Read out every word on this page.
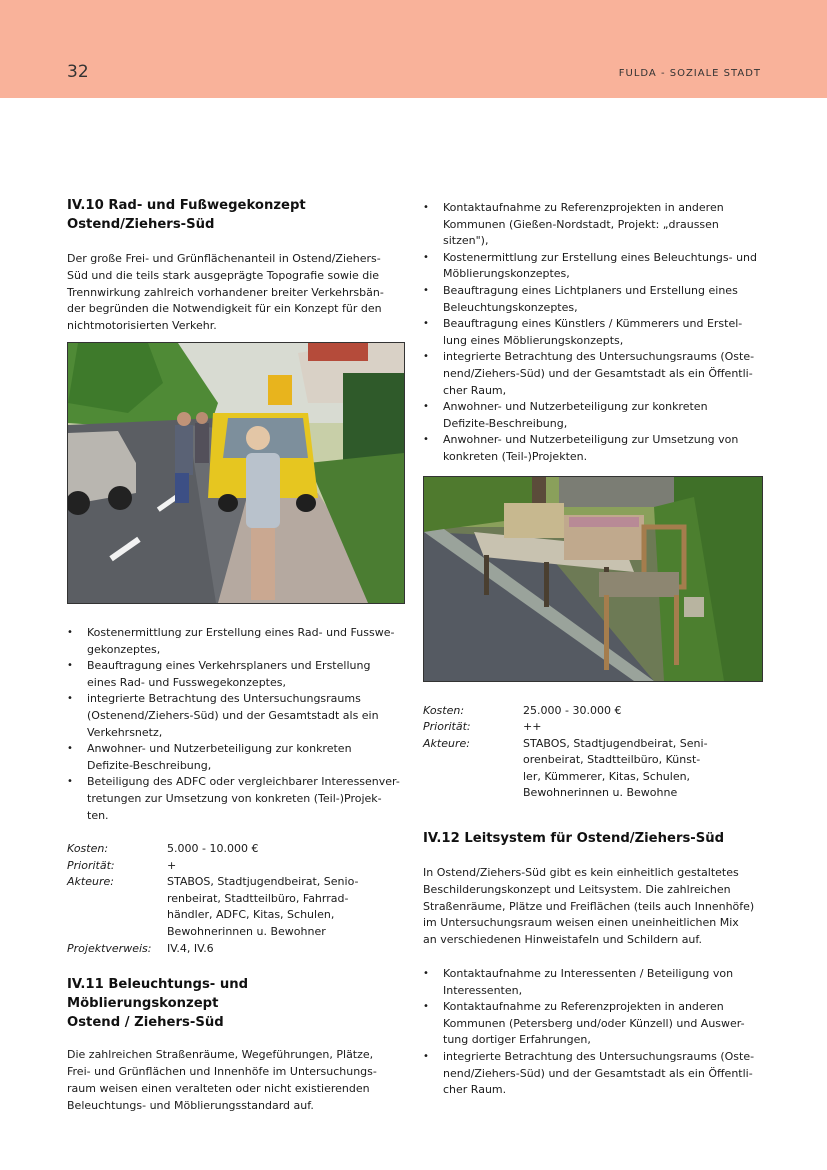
32	FULDA - SOZIALE STADT
IV.10 Rad- und Fußwegekonzept
Ostend/Ziehers-Süd

Der große Frei- und Grünflächenanteil in Ostend/Ziehers-
Süd und die teils stark ausgeprägte Topografie sowie die
Trennwirkung zahlreich vorhandener breiter Verkehrsbän-
der begründen die Notwendigkeit für ein Konzept für den
nichtmotorisierten Verkehr.

• Kostenermittlung zur Erstellung eines Rad- und Fusswe-
gekonzeptes,
• Beauftragung eines Verkehrsplaners und Erstellung
eines Rad- und Fusswegekonzeptes,
• integrierte Betrachtung des Untersuchungsraums
(Ostenend/Ziehers-Süd) und der Gesamtstadt als ein
Verkehrsnetz,
• Anwohner- und Nutzerbeteiligung zur konkreten
Defizite-Beschreibung,
• Beteiligung des ADFC oder vergleichbarer Interessenver-
tretungen zur Umsetzung von konkreten (Teil-)Projek-
ten.
Kosten:	5.000 - 10.000 €
Priorität:	+
Akteure:	STABOS, Stadtjugendbeirat, Senio-
renbeirat, Stadtteilbüro, Fahrrad-
händler, ADFC, Kitas, Schulen,
Bewohnerinnen u. Bewohner
Projektverweis:	IV.4, IV.6
IV.11 Beleuchtungs- und Möblierungskonzept
Ostend / Ziehers-Süd

Die zahlreichen Straßenräume, Wegeführungen, Plätze,
Frei- und Grünflächen und Innenhöfe im Untersuchungs-
raum weisen einen veralteten oder nicht existierenden
Beleuchtungs- und Möblierungsstandard auf.

• Kontaktaufnahme zu Referenzprojekten in anderen
Kommunen (Gießen-Nordstadt, Projekt: „draussen
sitzen"),
• Kostenermittlung zur Erstellung eines Beleuchtungs- und
Möblierungskonzeptes,
• Beauftragung eines Lichtplaners und Erstellung eines
Beleuchtungskonzeptes,
• Beauftragung eines Künstlers / Kümmerers und Erstel-
lung eines Möblierungskonzepts,
• integrierte Betrachtung des Untersuchungsraums (Oste-
nend/Ziehers-Süd) und der Gesamtstadt als ein Öffentli-
cher Raum,
• Anwohner- und Nutzerbeteiligung zur konkreten
Defizite-Beschreibung,
• Anwohner- und Nutzerbeteiligung zur Umsetzung von
konkreten (Teil-)Projekten.
Kosten:	25.000 - 30.000 €
Priorität:	++
Akteure:	STABOS, Stadtjugendbeirat, Seni-
orenbeirat, Stadtteilbüro, Künst-
ler, Kümmerer, Kitas, Schulen,
Bewohnerinnen u. Bewohne
IV.12 Leitsystem für Ostend/Ziehers-Süd

In Ostend/Ziehers-Süd gibt es kein einheitlich gestaltetes
Beschilderungskonzept und Leitsystem. Die zahlreichen
Straßenräume, Plätze und Freiflächen (teils auch Innenhöfe)
im Untersuchungsraum weisen einen uneinheitlichen Mix
an verschiedenen Hinweistafeln und Schildern auf.

• Kontaktaufnahme zu Interessenten / Beteiligung von
Interessenten,
• Kontaktaufnahme zu Referenzprojekten in anderen
Kommunen (Petersberg und/oder Künzell) und Auswer-
tung dortiger Erfahrungen,
• integrierte Betrachtung des Untersuchungsraums (Oste-
nend/Ziehers-Süd) und der Gesamtstadt als ein Öffentli-
cher Raum.
